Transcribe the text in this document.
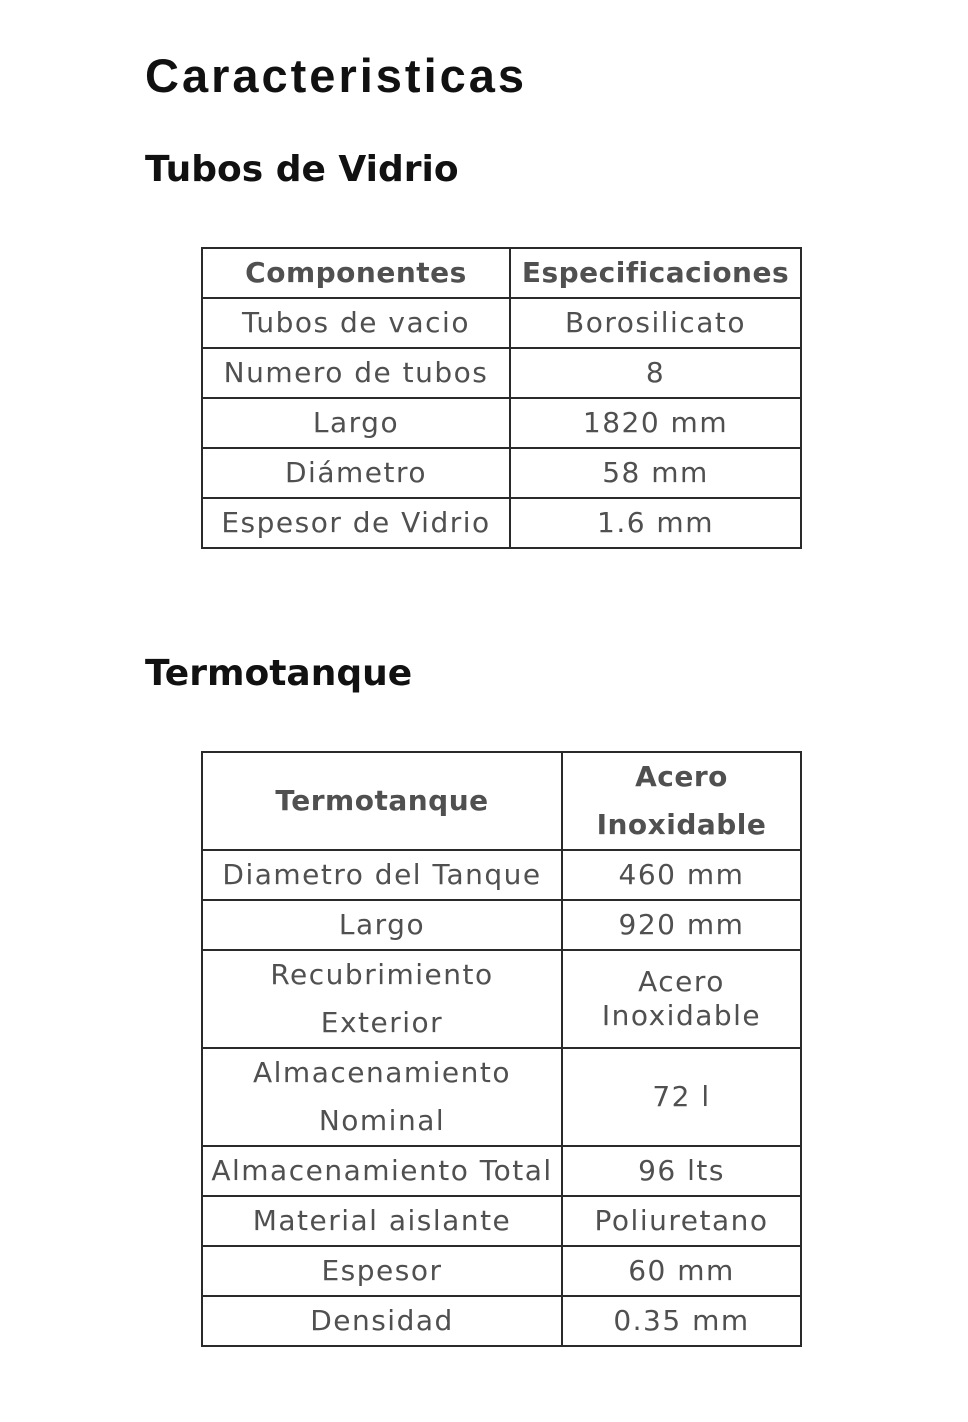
Caracteristicas
Tubos de Vidrio
Componentes	Especificaciones
Tubos de vacio	Borosilicato
Numero de tubos	8
Largo	1820 mm
Diámetro	58 mm
Espesor de Vidrio	1.6 mm
Termotanque
Termotanque	Acero Inoxidable
Diametro del Tanque	460 mm
Largo	920 mm
Recubrimiento Exterior	Acero Inoxidable
Almacenamiento Nominal	72 l
Almacenamiento Total	96 lts
Material aislante	Poliuretano
Espesor	60 mm
Densidad	0.35 mm
